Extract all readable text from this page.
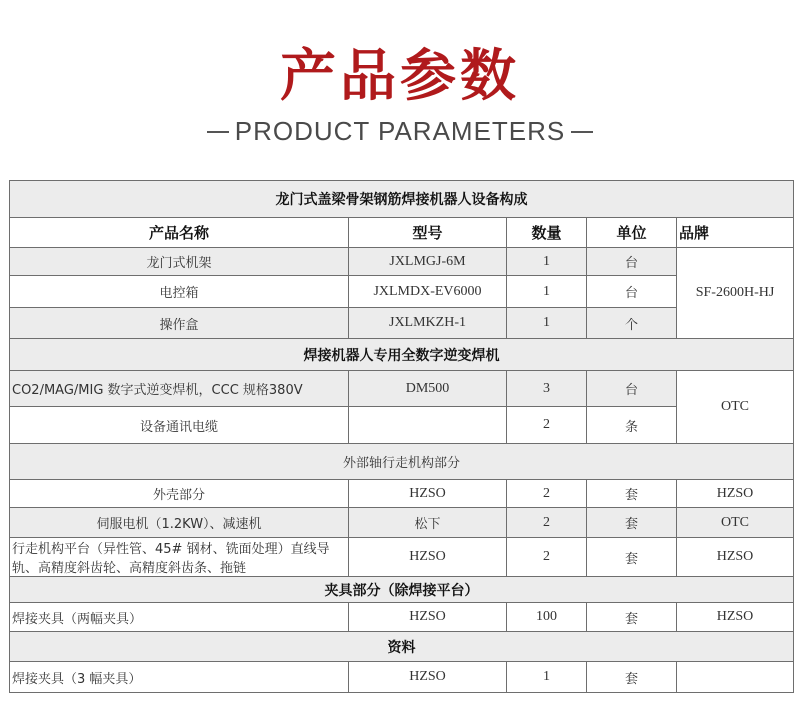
产品参数
PRODUCT PARAMETERS
龙门式盖梁骨架钢筋焊接机器人设备构成				
产品名称	型号	数量	单位	品牌
龙门式机架	JXLMGJ-6M	1	台	SF-2600H-HJ
电控箱	JXLMDX-EV6000	1	台	
操作盒	JXLMKZH-1	1	个	
焊接机器人专用全数字逆变焊机				
CO2/MAG/MIG 数字式逆变焊机，CCC 规格380V	DM500	3	台	OTC
设备通讯电缆		2	条	
外部轴行走机构部分				
外壳部分	HZSO	2	套	HZSO
伺服电机（1.2KW）、减速机	松下	2	套	OTC
行走机构平台（异性管、45# 钢材、铣面处理）直线导轨、高精度斜齿轮、高精度斜齿条、拖链	HZSO	2	套	HZSO
夹具部分（除焊接平台）				
焊接夹具（两幅夹具）	HZSO	100	套	HZSO
资料				
焊接夹具（3 幅夹具）	HZSO	1	套	
